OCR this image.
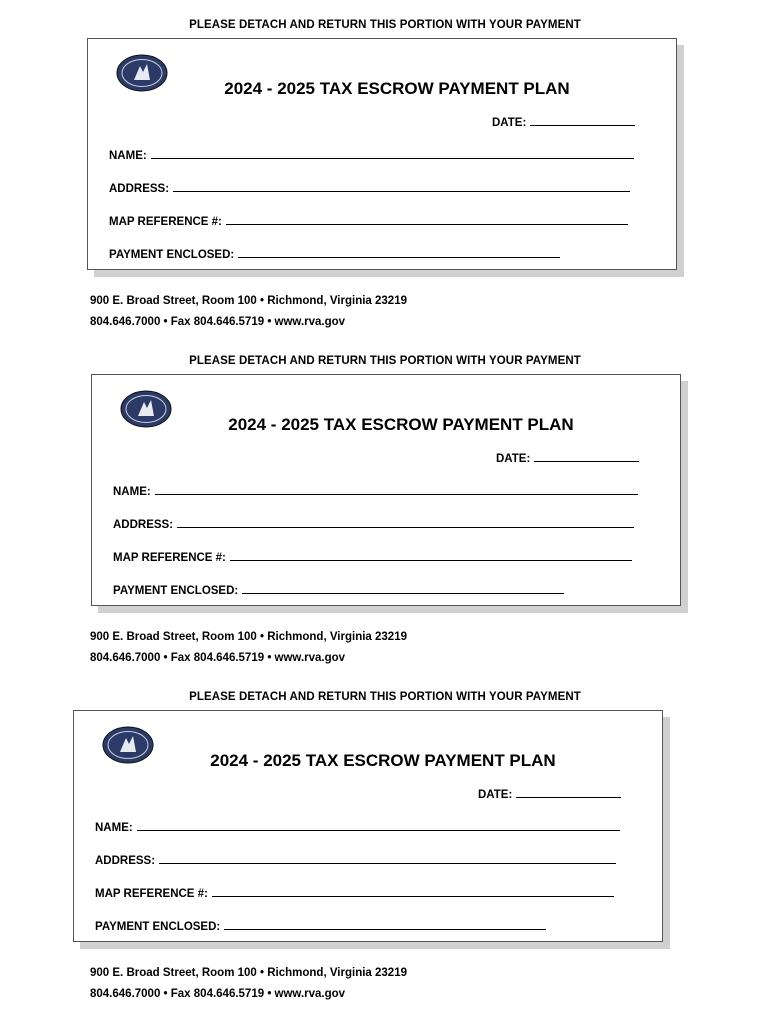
PLEASE DETACH AND RETURN THIS PORTION WITH YOUR PAYMENT
2024 - 2025 TAX ESCROW PAYMENT PLAN
DATE:
NAME:
ADDRESS:
MAP REFERENCE #:
PAYMENT ENCLOSED:
900 E. Broad Street, Room 100 • Richmond, Virginia 23219
804.646.7000 • Fax 804.646.5719 • www.rva.gov
PLEASE DETACH AND RETURN THIS PORTION WITH YOUR PAYMENT
2024 - 2025 TAX ESCROW PAYMENT PLAN
DATE:
NAME:
ADDRESS:
MAP REFERENCE #:
PAYMENT ENCLOSED:
900 E. Broad Street, Room 100 • Richmond, Virginia 23219
804.646.7000 • Fax 804.646.5719 • www.rva.gov
PLEASE DETACH AND RETURN THIS PORTION WITH YOUR PAYMENT
2024 - 2025 TAX ESCROW PAYMENT PLAN
DATE:
NAME:
ADDRESS:
MAP REFERENCE #:
PAYMENT ENCLOSED:
900 E. Broad Street, Room 100 • Richmond, Virginia 23219
804.646.7000 • Fax 804.646.5719 • www.rva.gov
